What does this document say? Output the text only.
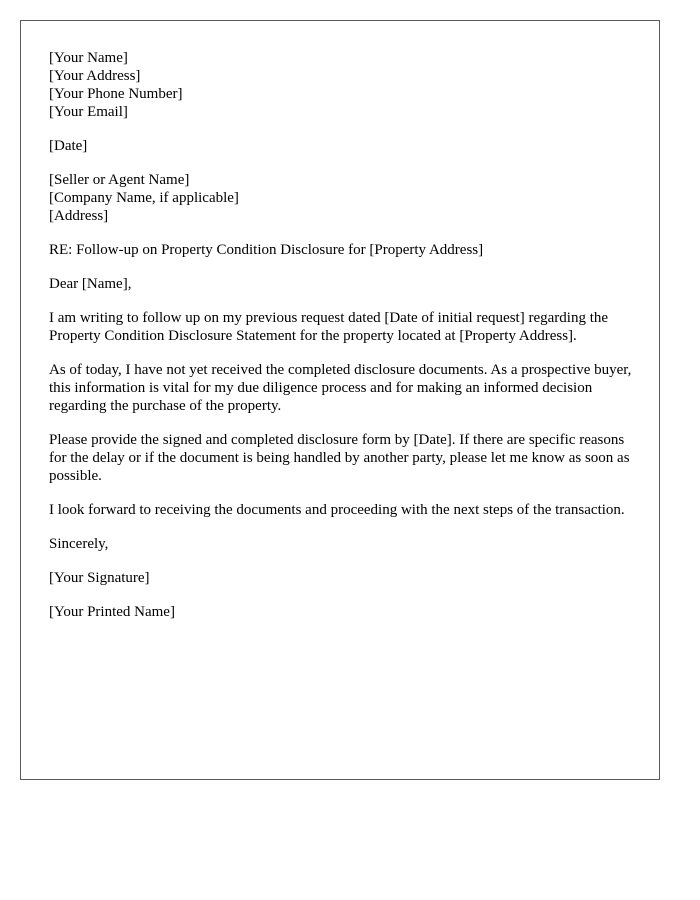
[Your Name]
[Your Address]
[Your Phone Number]
[Your Email]
[Date]
[Seller or Agent Name]
[Company Name, if applicable]
[Address]

RE: Follow-up on Property Condition Disclosure for [Property Address]

Dear [Name],

I am writing to follow up on my previous request dated [Date of initial request] regarding the Property Condition Disclosure Statement for the property located at [Property Address].

As of today, I have not yet received the completed disclosure documents. As a prospective buyer, this information is vital for my due diligence process and for making an informed decision regarding the purchase of the property.

Please provide the signed and completed disclosure form by [Date]. If there are specific reasons for the delay or if the document is being handled by another party, please let me know as soon as possible.

I look forward to receiving the documents and proceeding with the next steps of the transaction.

Sincerely,

[Your Signature]

[Your Printed Name]
